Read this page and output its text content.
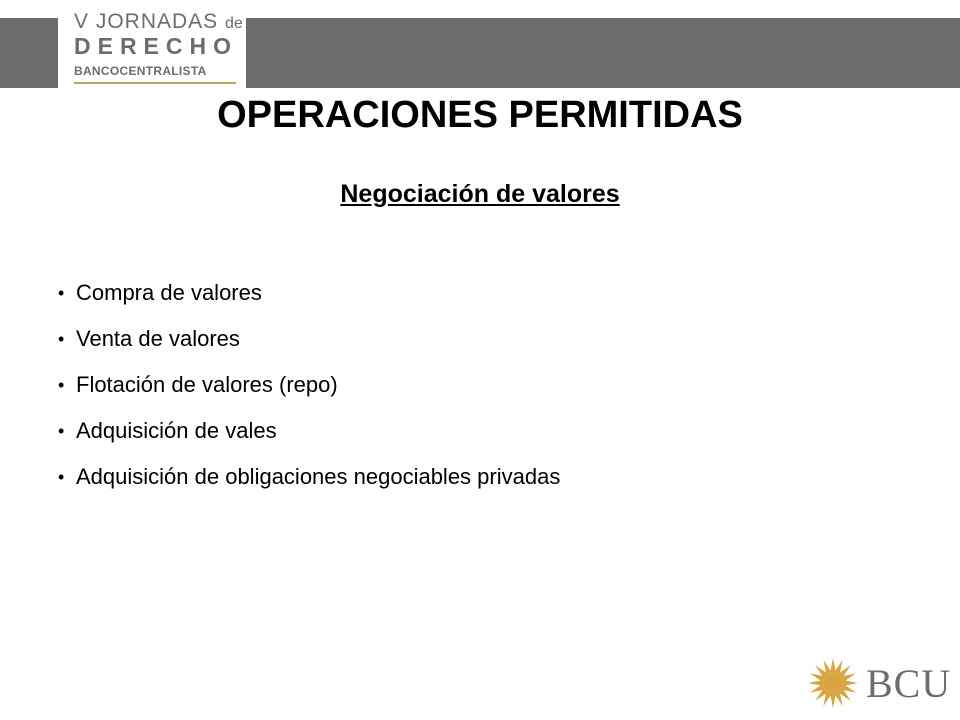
V JORNADAS de
DERECHO
BANCOCENTRALISTA
OPERACIONES PERMITIDAS
Negociación de valores
• Compra de valores
• Venta de valores
• Flotación de valores (repo)
• Adquisición de vales
• Adquisición de obligaciones negociables privadas
BCU
